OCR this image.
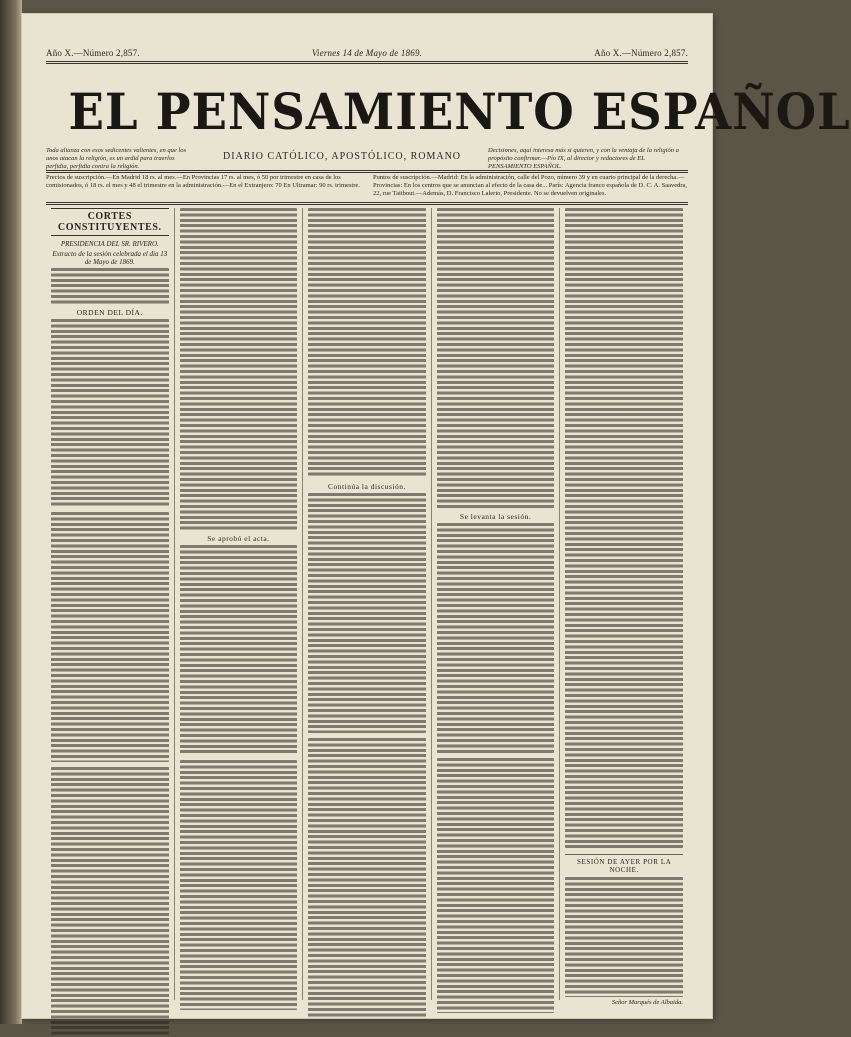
Año X.—Número 2,857.	Viernes 14 de Mayo de 1869.	Año X.—Número 2,857.
EL PENSAMIENTO ESPAÑOL
Toda alianza con esos sedicentes valientes, en que los unos atacan la religión, es un ardid para traerlos perfidia, perfidia contra la religión.
DIARIO CATÓLICO, APOSTÓLICO, ROMANO
Decisiones, aquí interesa más si quieren, y con la ventaja de la religión a propósito confirmar.—Pío IX, al director y redactores de EL PENSAMIENTO ESPAÑOL.
Precios de suscripción.—En Madrid 18 rs. al mes.—En Provincias 17 rs. al mes, ó 50 por trimestre en casa de los comisionados, ó 18 rs. el mes y 48 el trimestre en la administración.—En el Extranjero: 70 En Ultramar: 90 rs. trimestre.
Puntos de suscripción.—Madrid: En la administración, calle del Pozo, número 39 y en cuarto principal de la derecha.—Provincias: En los centros que se anuncian al efecto de la casa de... París: Agencia franco española de D. C. A. Saavedra, 22, rue Taitbout.—Además, D. Francisco Lalerio, Presidente. No se devuelven originales.
CORTES CONSTITUYENTES.
PRESIDENCIA DEL SR. RIVERO.
Extracto de la sesión celebrada el día 13 de Mayo de 1869.
ORDEN DEL DÍA.
Se aprobó el acta.
Continúa la discusión.
Se levanta la sesión.
SESIÓN DE AYER POR LA NOCHE.
Señor Marqués de Albaida.
